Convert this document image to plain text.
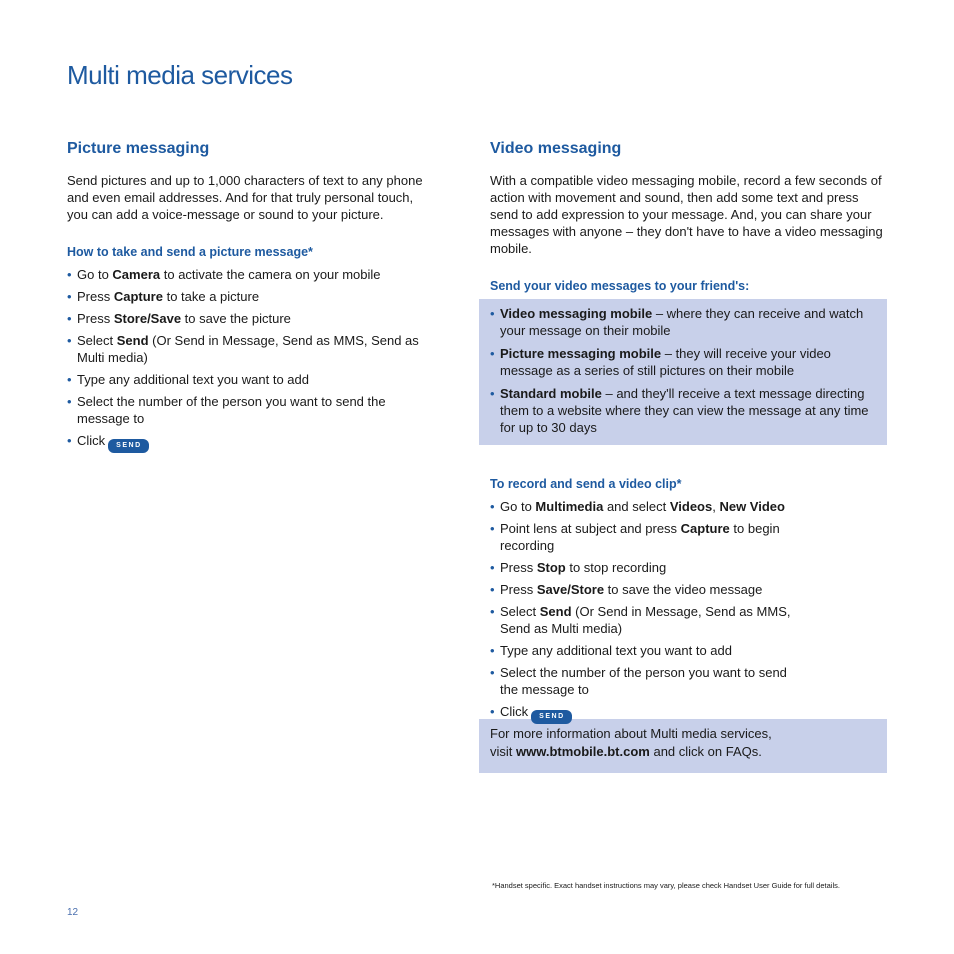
Multi media services
Picture messaging

Send pictures and up to 1,000 characters of text to any phone and even email addresses. And for that truly personal touch, you can add a voice-message or sound to your picture.

How to take and send a picture message*
• Go to Camera to activate the camera on your mobile
• Press Capture to take a picture
• Press Store/Save to save the picture
• Select Send (Or Send in Message, Send as MMS, Send as Multi media)
• Type any additional text you want to add
• Select the number of the person you want to send the message to
• Click SEND
Video messaging

With a compatible video messaging mobile, record a few seconds of action with movement and sound, then add some text and press send to add expression to your message. And, you can share your messages with anyone – they don't have to have a video messaging mobile.

Send your video messages to your friend's:
• Video messaging mobile – where they can receive and watch your message on their mobile
• Picture messaging mobile – they will receive your video message as a series of still pictures on their mobile
• Standard mobile – and they'll receive a text message directing them to a website where they can view the message at any time for up to 30 days
To record and send a video clip*
• Go to Multimedia and select Videos, New Video
• Point lens at subject and press Capture to begin recording
• Press Stop to stop recording
• Press Save/Store to save the video message
• Select Send (Or Send in Message, Send as MMS, Send as Multi media)
• Type any additional text you want to add
• Select the number of the person you want to send the message to
• Click SEND
For more information about Multi media services,
visit www.btmobile.bt.com and click on FAQs.
*Handset specific. Exact handset instructions may vary, please check Handset User Guide for full details.
12
